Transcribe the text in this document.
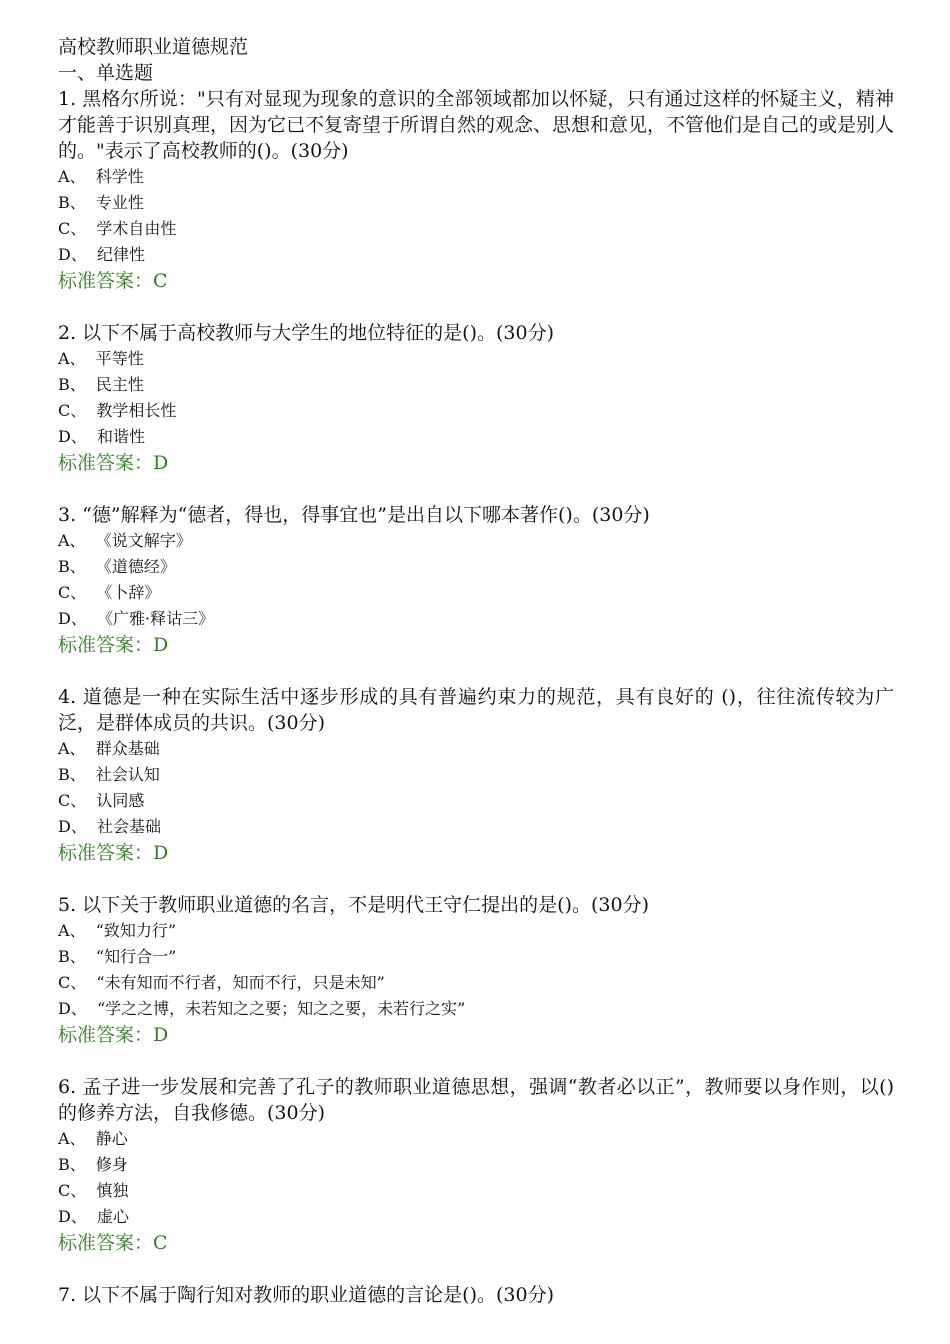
高校教师职业道德规范
一、单选题
1. 黑格尔所说："只有对显现为现象的意识的全部领域都加以怀疑，只有通过这样的怀疑主义，精神才能善于识别真理，因为它已不复寄望于所谓自然的观念、思想和意见，不管他们是自己的或是别人的。"表示了高校教师的()。(30分)
A、  科学性
B、  专业性
C、  学术自由性
D、  纪律性
标准答案：C
2. 以下不属于高校教师与大学生的地位特征的是()。(30分)
A、  平等性
B、  民主性
C、  教学相长性
D、  和谐性
标准答案：D
3. “德”解释为“德者，得也，得事宜也”是出自以下哪本著作()。(30分)
A、  《说文解字》
B、  《道德经》
C、  《卜辞》
D、  《广雅·释诂三》
标准答案：D
4. 道德是一种在实际生活中逐步形成的具有普遍约束力的规范，具有良好的 ()，往往流传较为广泛，是群体成员的共识。(30分)
A、  群众基础
B、  社会认知
C、  认同感
D、  社会基础
标准答案：D
5. 以下关于教师职业道德的名言，不是明代王守仁提出的是()。(30分)
A、  “致知力行”
B、  “知行合一”
C、  “未有知而不行者，知而不行，只是未知”
D、  “学之之博，未若知之之要；知之之要，未若行之实”
标准答案：D
6. 孟子进一步发展和完善了孔子的教师职业道德思想，强调“教者必以正”，教师要以身作则，以()的修养方法，自我修德。(30分)
A、  静心
B、  修身
C、  慎独
D、  虚心
标准答案：C
7. 以下不属于陶行知对教师的职业道德的言论是()。(30分)
